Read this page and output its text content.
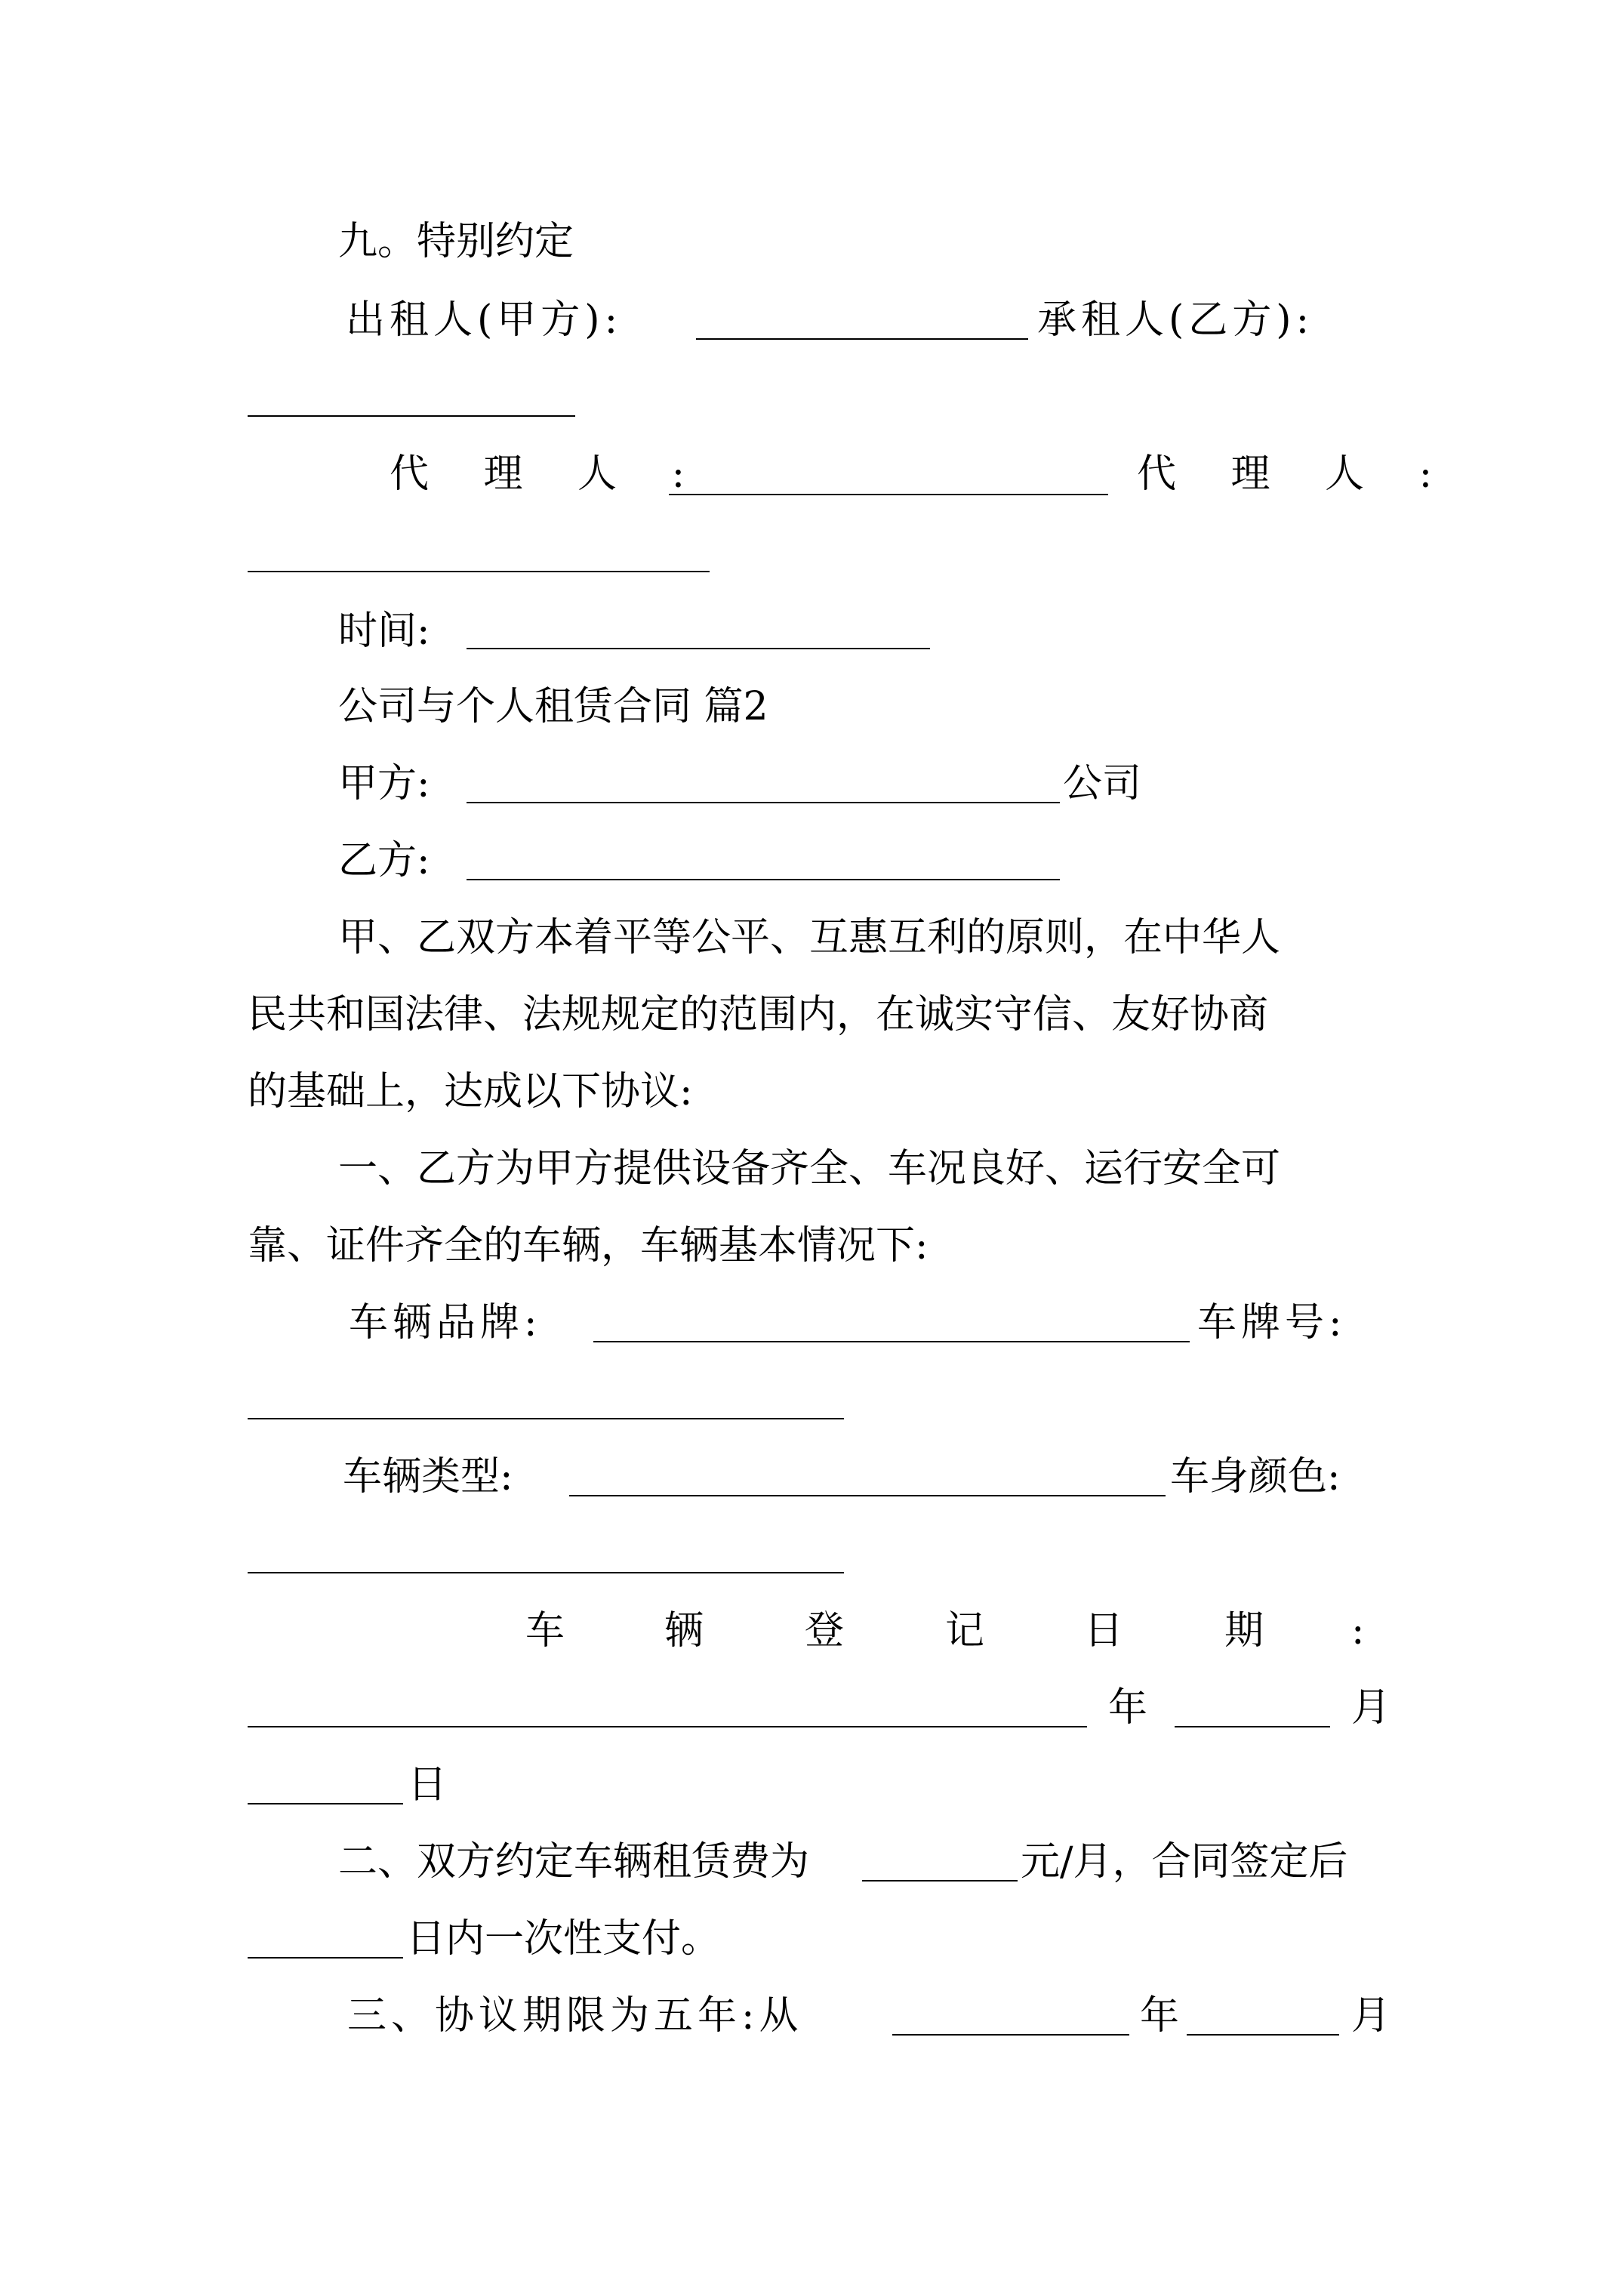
九。特别约定
出租人(甲方):	承租人(乙方):
代 理 人 :	代 理 人 :
时间:
公司与个人租赁合同 篇2
甲方:	公司
乙方:
甲、乙双方本着平等公平、互惠互利的原则，在中华人
民共和国法律、法规规定的范围内，在诚实守信、友好协商
的基础上，达成以下协议:
一、乙方为甲方提供设备齐全、车况良好、运行安全可
靠、证件齐全的车辆，车辆基本情况下:
车辆品牌:	车牌号:
车辆类型:	车身颜色:
车	辆	登	记	日	期 :
年	月
日
二、双方约定车辆租赁费为	元/月，合同签定后
日内一次性支付。
三、协议期限为五年:从	年	月
